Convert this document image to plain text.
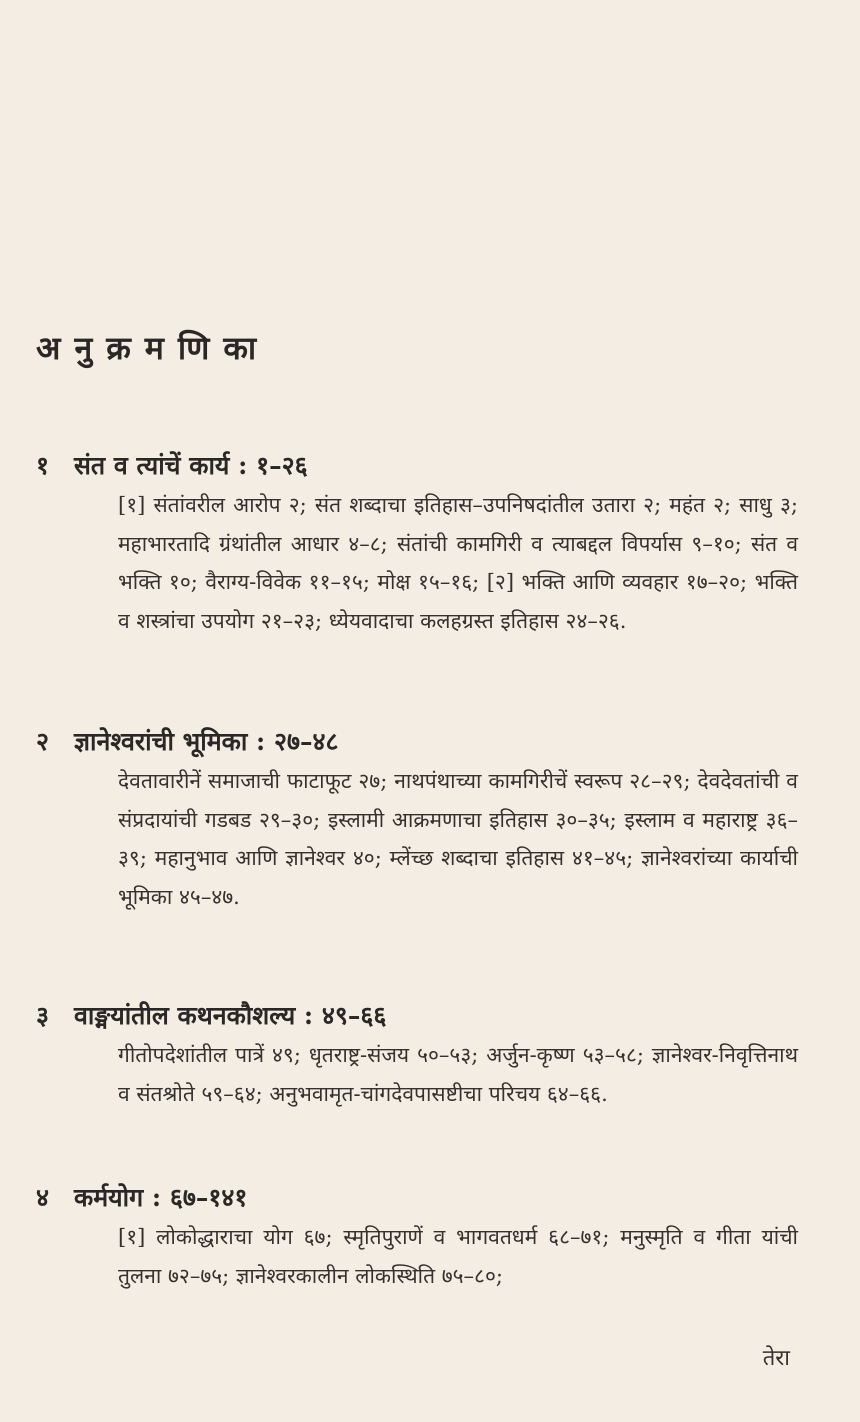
अनुक्रमणिका
१ संत व त्यांचें कार्य : १–२६
[१] संतांवरील आरोप २; संत शब्दाचा इतिहास–उपनिषदांतील उतारा २; महंत २; साधु ३; महाभारतादि ग्रंथांतील आधार ४–८; संतांची कामगिरी व त्याबद्दल विपर्यास ९–१०; संत व भक्ति १०; वैराग्य-विवेक ११–१५; मोक्ष १५–१६; [२] भक्ति आणि व्यवहार १७–२०; भक्ति व शस्त्रांचा उपयोग २१–२३; ध्येयवादाचा कलहग्रस्त इतिहास २४–२६.
२ ज्ञानेश्वरांची भूमिका : २७–४८
देवतावारीनें समाजाची फाटाफूट २७; नाथपंथाच्या कामगिरीचें स्वरूप २८–२९; देवदेवतांची व संप्रदायांची गडबड २९–३०; इस्लामी आक्रमणाचा इतिहास ३०–३५; इस्लाम व महाराष्ट्र ३६–३९; महानुभाव आणि ज्ञानेश्वर ४०; म्लेंच्छ शब्दाचा इतिहास ४१–४५; ज्ञानेश्वरांच्या कार्याची भूमिका ४५–४७.
३ वाङ्मयांतील कथनकौशल्य : ४९–६६
गीतोपदेशांतील पात्रें ४९; धृतराष्ट्र-संजय ५०–५३; अर्जुन-कृष्ण ५३–५८; ज्ञानेश्वर-निवृत्तिनाथ व संतश्रोते ५९–६४; अनुभवामृत-चांगदेवपासष्टीचा परिचय ६४–६६.
४ कर्मयोग : ६७–१४१
[१] लोकोद्धाराचा योग ६७; स्मृतिपुराणें व भागवतधर्म ६८–७१; मनुस्मृति व गीता यांची तुलना ७२–७५; ज्ञानेश्वरकालीन लोकस्थिति ७५–८०;
तेरा
